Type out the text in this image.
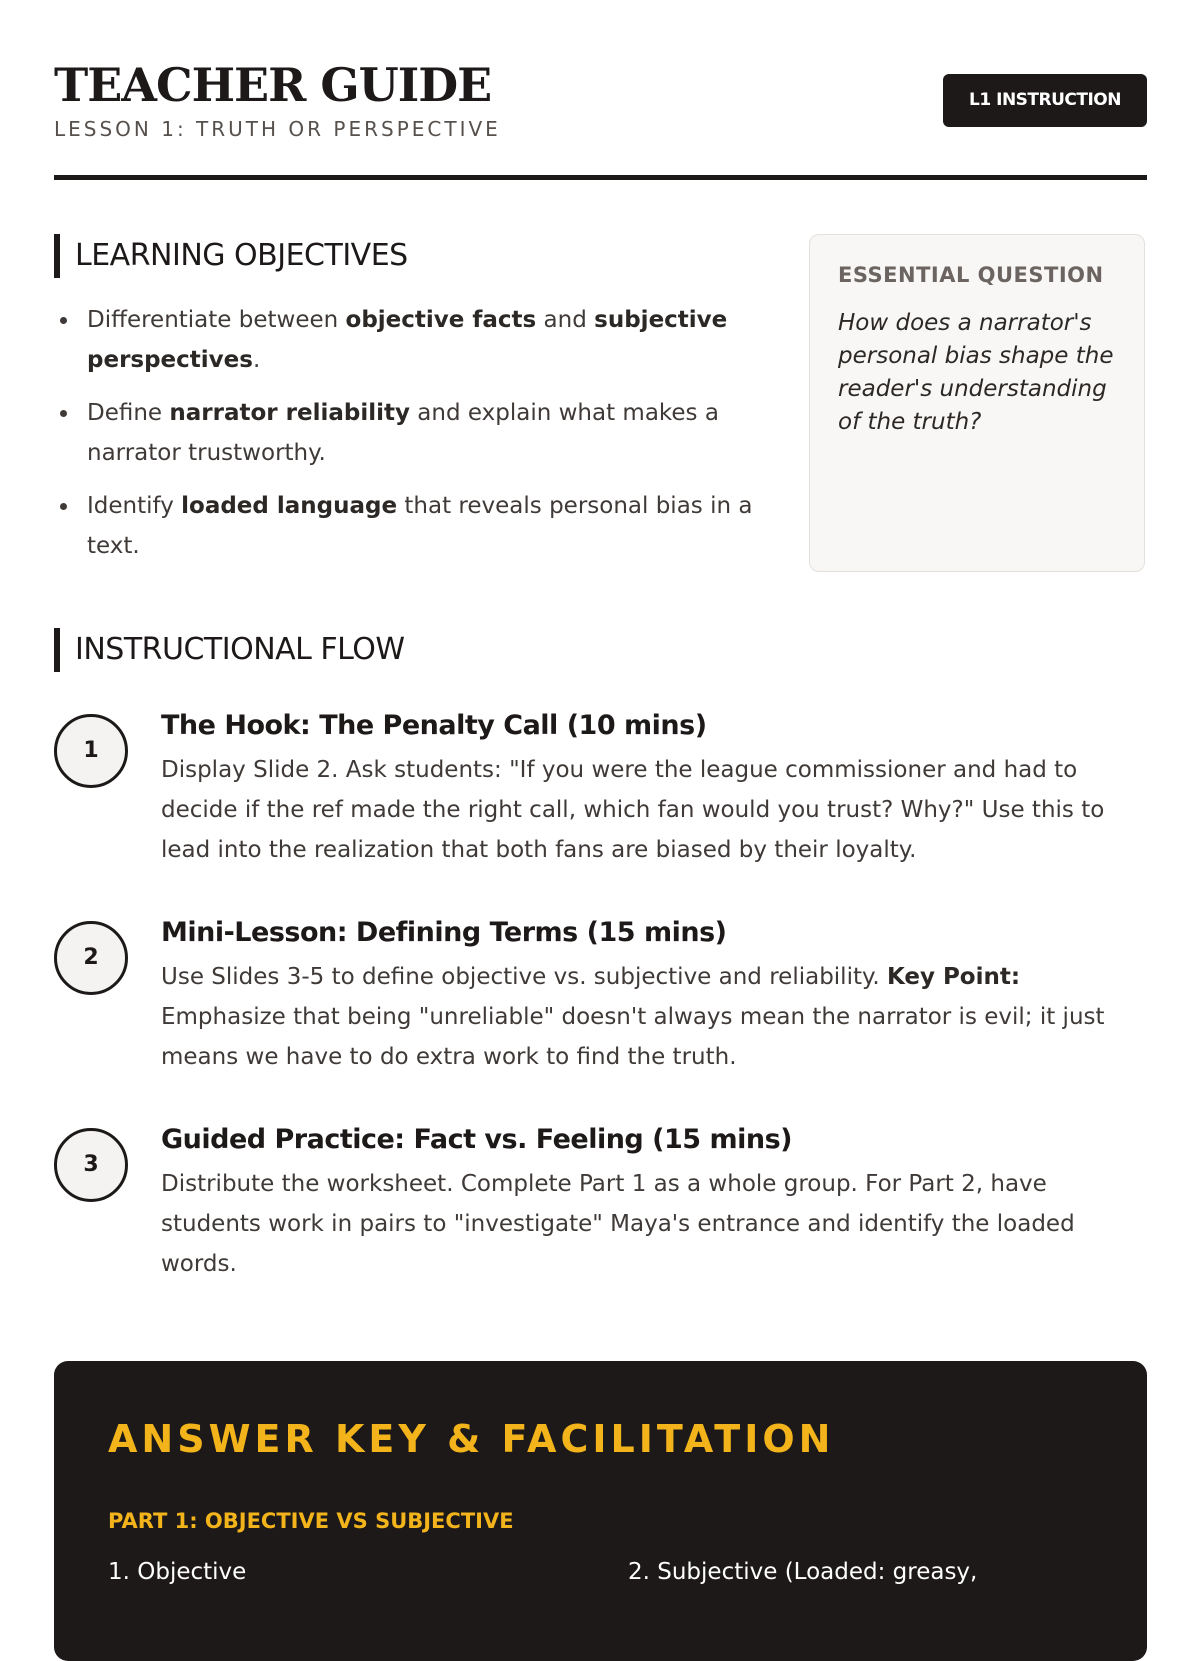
TEACHER GUIDE
LESSON 1: TRUTH OR PERSPECTIVE
L1 INSTRUCTION
LEARNING OBJECTIVES
Differentiate between objective facts and subjective perspectives.
Define narrator reliability and explain what makes a narrator trustworthy.
Identify loaded language that reveals personal bias in a text.
ESSENTIAL QUESTION
How does a narrator's personal bias shape the reader's understanding of the truth?
INSTRUCTIONAL FLOW
1
The Hook: The Penalty Call (10 mins)
Display Slide 2. Ask students: "If you were the league commissioner and had to decide if the ref made the right call, which fan would you trust? Why?" Use this to lead into the realization that both fans are biased by their loyalty.
2
Mini-Lesson: Defining Terms (15 mins)
Use Slides 3-5 to define objective vs. subjective and reliability. Key Point: Emphasize that being "unreliable" doesn't always mean the narrator is evil; it just means we have to do extra work to find the truth.
3
Guided Practice: Fact vs. Feeling (15 mins)
Distribute the worksheet. Complete Part 1 as a whole group. For Part 2, have students work in pairs to "investigate" Maya's entrance and identify the loaded words.
ANSWER KEY & FACILITATION
PART 1: OBJECTIVE VS SUBJECTIVE
1. Objective	2. Subjective (Loaded: greasy,
